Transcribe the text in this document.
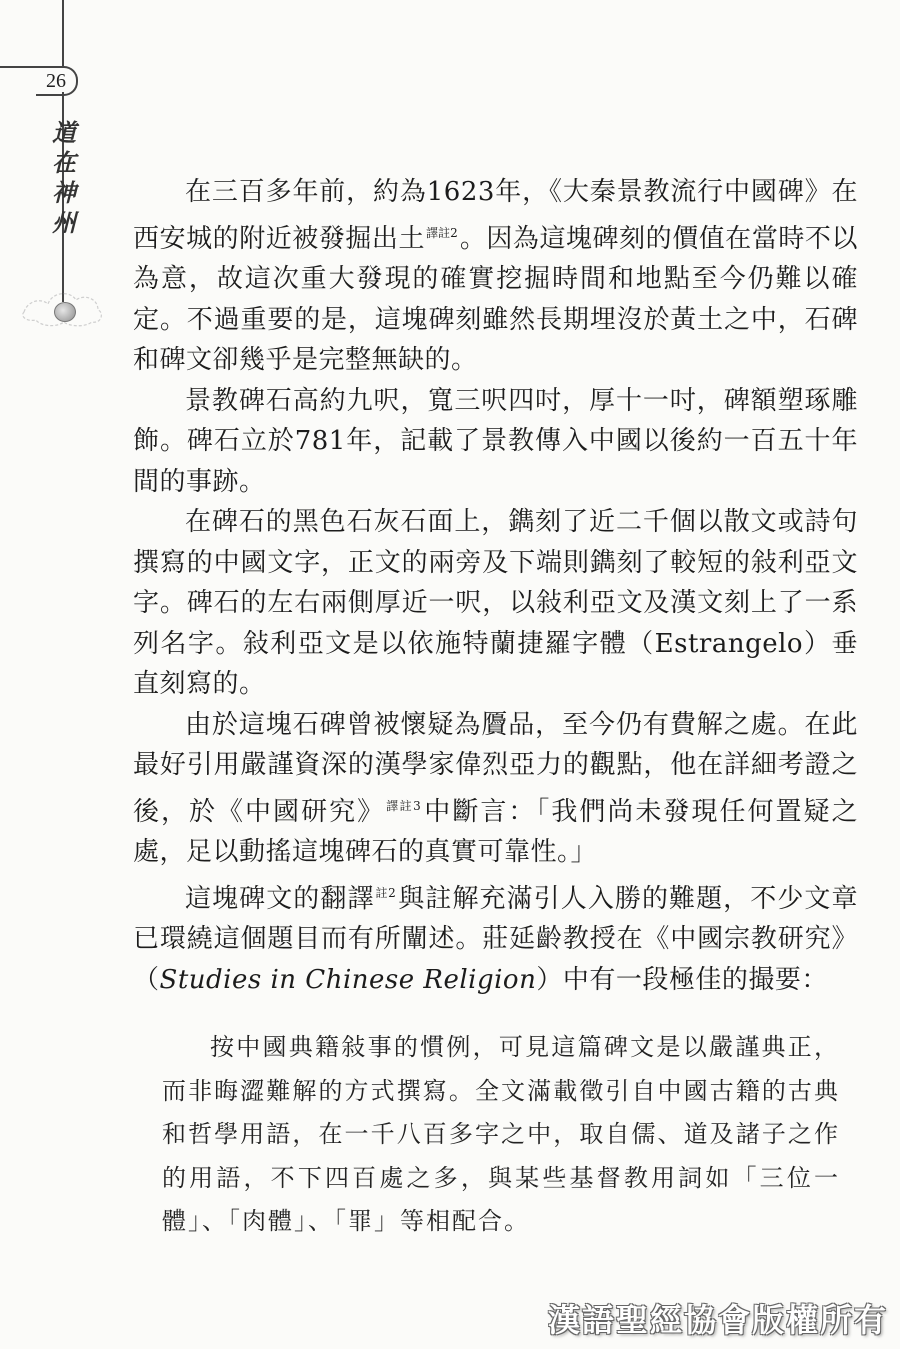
26
道
在
神
州

在三百多年前，約為1623年，《大秦景教流行中國碑》在西安城的附近被發掘出土$^{譯註2}$。因為這塊碑刻的價值在當時不以為意，故這次重大發現的確實挖掘時間和地點至今仍難以確定。不過重要的是，這塊碑刻雖然長期埋沒於黃土之中，石碑和碑文卻幾乎是完整無缺的。

景教碑石高約九呎，寬三呎四吋，厚十一吋，碑額塑琢雕飾。碑石立於781年，記載了景教傳入中國以後約一百五十年間的事跡。

在碑石的黑色石灰石面上，鐫刻了近二千個以散文或詩句撰寫的中國文字，正文的兩旁及下端則鐫刻了較短的敍利亞文字。碑石的左右兩側厚近一呎，以敍利亞文及漢文刻上了一系列名字。敍利亞文是以依施特蘭捷羅字體（Estrangelo）垂直刻寫的。

由於這塊石碑曾被懷疑為贗品，至今仍有費解之處。在此最好引用嚴謹資深的漢學家偉烈亞力的觀點，他在詳細考證之後，於《中國研究》$^{譯註3}$中斷言：「我們尚未發現任何置疑之處，足以動搖這塊碑石的真實可靠性。」

這塊碑文的翻譯$^{註2}$與註解充滿引人入勝的難題，不少文章已環繞這個題目而有所闡述。莊延齡教授在《中國宗教研究》（Studies in Chinese Religion）中有一段極佳的撮要：

按中國典籍敍事的慣例，可見這篇碑文是以嚴謹典正，而非晦澀難解的方式撰寫。全文滿載徵引自中國古籍的古典和哲學用語，在一千八百多字之中，取自儒、道及諸子之作的用語，不下四百處之多，與某些基督教用詞如「三位一體」、「肉體」、「罪」等相配合。
漢語聖經協會版權所有
